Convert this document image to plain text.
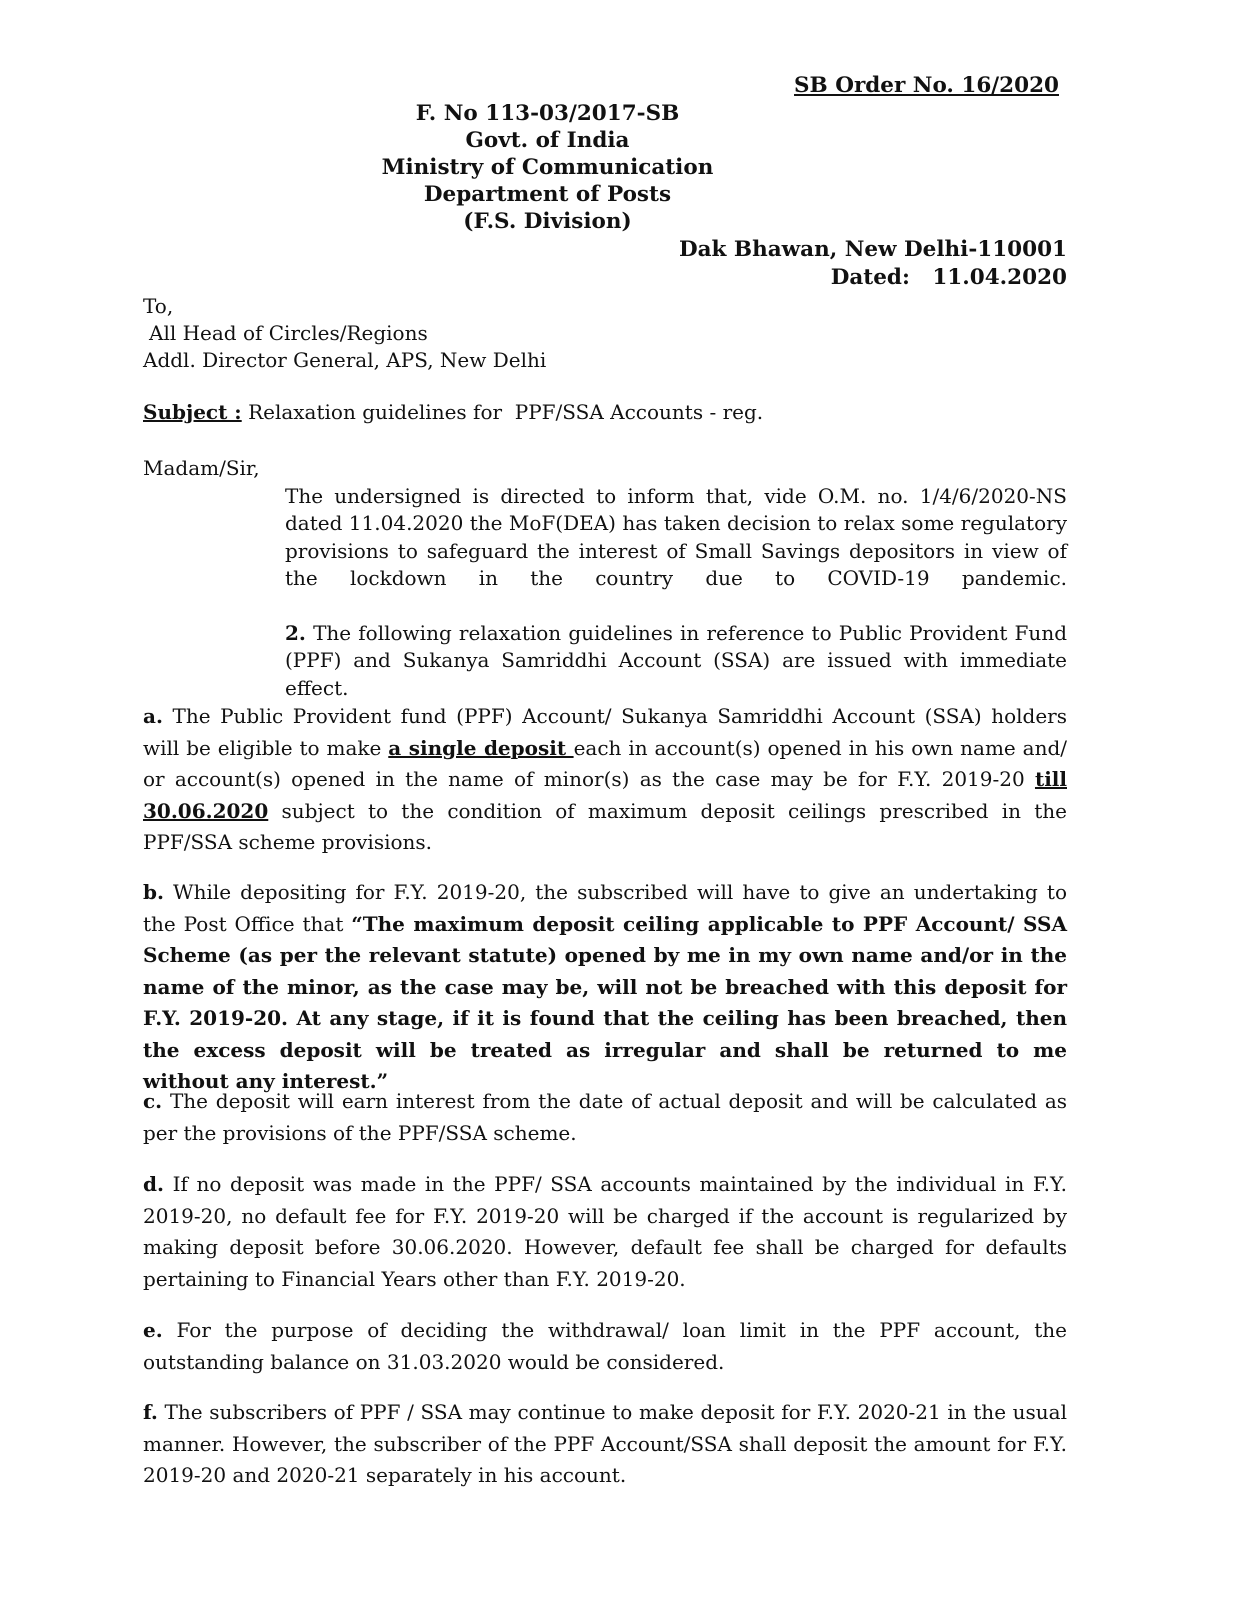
SB Order No. 16/2020
F. No 113-03/2017-SB
Govt. of India
Ministry of Communication
Department of Posts
(F.S. Division)
Dak Bhawan, New Delhi-110001
Dated:   11.04.2020
To,
All Head of Circles/Regions
Addl. Director General, APS, New Delhi
Subject : Relaxation guidelines for  PPF/SSA Accounts - reg.
Madam/Sir,
The undersigned is directed to inform that, vide O.M. no. 1/4/6/2020-NS dated 11.04.2020 the MoF(DEA) has taken decision to relax some regulatory provisions to safeguard the interest of Small Savings depositors in view of the lockdown in the country due to COVID-19 pandemic.
2. The following relaxation guidelines in reference to Public Provident Fund (PPF) and Sukanya Samriddhi Account (SSA) are issued with immediate effect.
a. The Public Provident fund (PPF) Account/ Sukanya Samriddhi Account (SSA) holders will be eligible to make a single deposit each in account(s) opened in his own name and/ or account(s) opened in the name of minor(s) as the case may be for F.Y. 2019-20 till 30.06.2020 subject to the condition of maximum deposit ceilings prescribed in the PPF/SSA scheme provisions.
b. While depositing for F.Y. 2019-20, the subscribed will have to give an undertaking to the Post Office that “The maximum deposit ceiling applicable to PPF Account/ SSA Scheme (as per the relevant statute) opened by me in my own name and/or in the name of the minor, as the case may be, will not be breached with this deposit for F.Y. 2019-20. At any stage, if it is found that the ceiling has been breached, then the excess deposit will be treated as irregular and shall be returned to me without any interest.”
c. The deposit will earn interest from the date of actual deposit and will be calculated as per the provisions of the PPF/SSA scheme.
d. If no deposit was made in the PPF/ SSA accounts maintained by the individual in F.Y. 2019-20, no default fee for F.Y. 2019-20 will be charged if the account is regularized by making deposit before 30.06.2020. However, default fee shall be charged for defaults pertaining to Financial Years other than F.Y. 2019-20.
e. For the purpose of deciding the withdrawal/ loan limit in the PPF account, the outstanding balance on 31.03.2020 would be considered.
f. The subscribers of PPF / SSA may continue to make deposit for F.Y. 2020-21 in the usual manner. However, the subscriber of the PPF Account/SSA shall deposit the amount for F.Y. 2019-20 and 2020-21 separately in his account.
